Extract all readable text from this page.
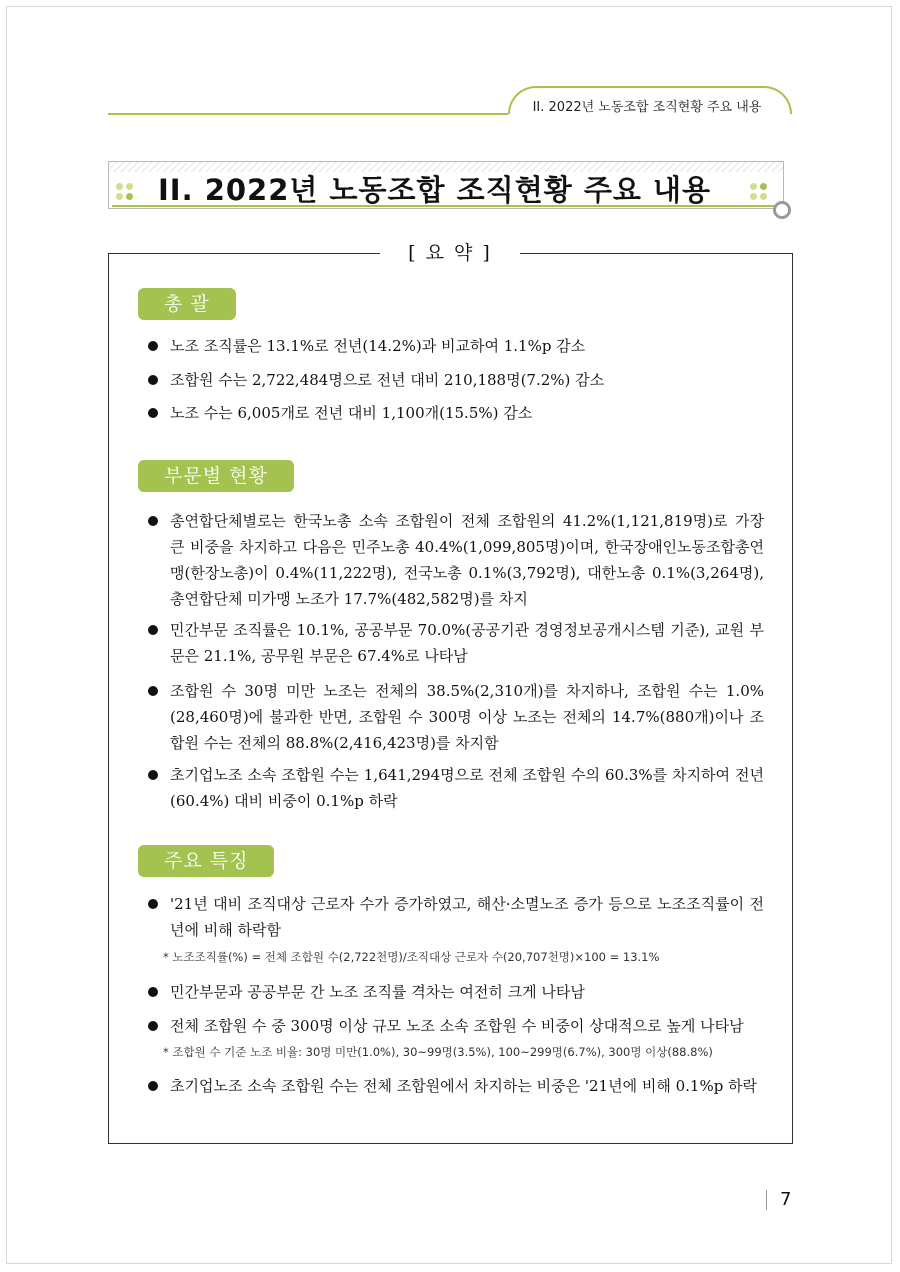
II. 2022년 노동조합 조직현황 주요 내용
II. 2022년 노동조합 조직현황 주요 내용
[ 요 약 ]
총 괄
노조 조직률은 13.1%로 전년(14.2%)과 비교하여 1.1%p 감소
조합원 수는 2,722,484명으로 전년 대비 210,188명(7.2%) 감소
노조 수는 6,005개로 전년 대비 1,100개(15.5%) 감소
부문별 현황
총연합단체별로는 한국노총 소속 조합원이 전체 조합원의 41.2%(1,121,819명)로 가장 큰 비중을 차지하고 다음은 민주노총 40.4%(1,099,805명)이며, 한국장애인노동조합총연맹(한장노총)이 0.4%(11,222명), 전국노총 0.1%(3,792명), 대한노총 0.1%(3,264명), 총연합단체 미가맹 노조가 17.7%(482,582명)를 차지
민간부문 조직률은 10.1%, 공공부문 70.0%(공공기관 경영정보공개시스템 기준), 교원 부문은 21.1%, 공무원 부문은 67.4%로 나타남
조합원 수 30명 미만 노조는 전체의 38.5%(2,310개)를 차지하나, 조합원 수는 1.0%(28,460명)에 불과한 반면, 조합원 수 300명 이상 노조는 전체의 14.7%(880개)이나 조합원 수는 전체의 88.8%(2,416,423명)를 차지함
초기업노조 소속 조합원 수는 1,641,294명으로 전체 조합원 수의 60.3%를 차지하여 전년(60.4%) 대비 비중이 0.1%p 하락
주요 특징
'21년 대비 조직대상 근로자 수가 증가하였고, 해산·소멸노조 증가 등으로 노조조직률이 전년에 비해 하락함
* 노조조직률(%) = 전체 조합원 수(2,722천명)/조직대상 근로자 수(20,707천명)×100 = 13.1%
민간부문과 공공부문 간 노조 조직률 격차는 여전히 크게 나타남
전체 조합원 수 중 300명 이상 규모 노조 소속 조합원 수 비중이 상대적으로 높게 나타남
* 조합원 수 기준 노조 비율: 30명 미만(1.0%), 30~99명(3.5%), 100~299명(6.7%), 300명 이상(88.8%)
초기업노조 소속 조합원 수는 전체 조합원에서 차지하는 비중은 '21년에 비해 0.1%p 하락
7
